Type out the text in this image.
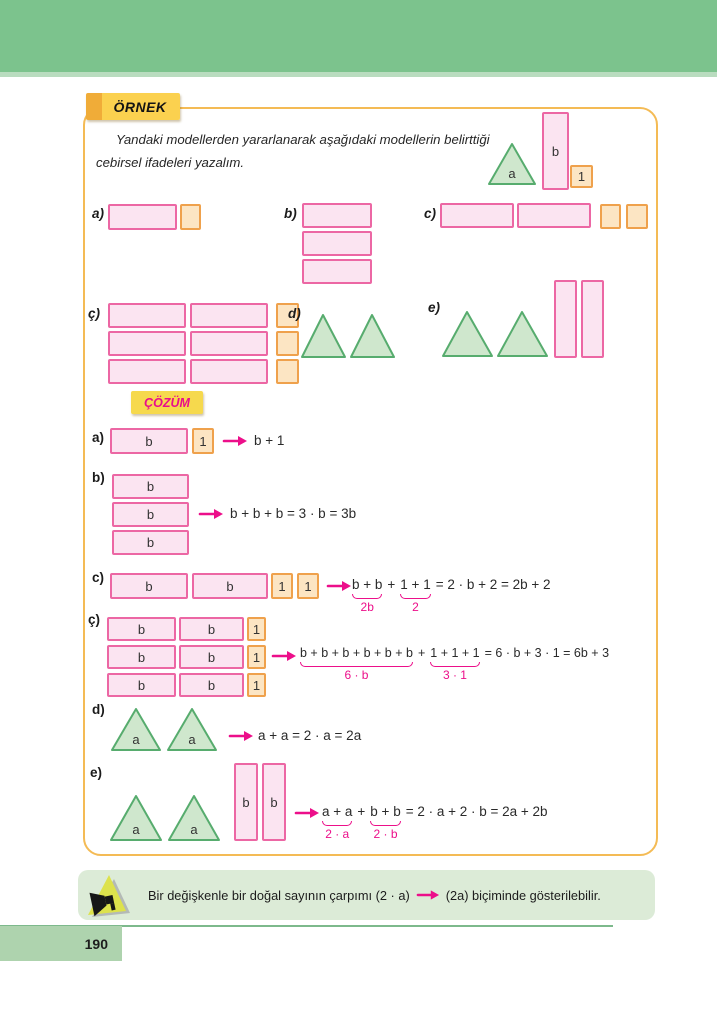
ÖRNEK
Yandaki modellerden yararlanarak aşağıdaki modellerin belirttiği cebirsel ifadeleri yazalım.
a
b
1
a)	b)	c)
ç)	d)	e)
ÇÖZÜM
a)	b	1	b + 1
b)
b
b
b
b + b + b = 3 · b = 3b
c)
b	b	1 1	b + b
2b
+ 1 + 1
2
= 2 · b + 2 = 2b + 2
ç)
b	b	1
b	b	1
b	b	1
b + b + b + b + b + b
6 · b
+ 1 + 1 + 1
3 · 1
= 6 · b + 3 · 1 = 6b + 3
d)
a	a	a + a = 2 · a = 2a
e)
a	a
b b
a + a
2 · a
+ b + b
2 · b
= 2 · a + 2 · b = 2a + 2b
Bir değişkenle bir doğal sayının çarpımı (2 · a)	(2a) biçiminde gösterilebilir.
190
